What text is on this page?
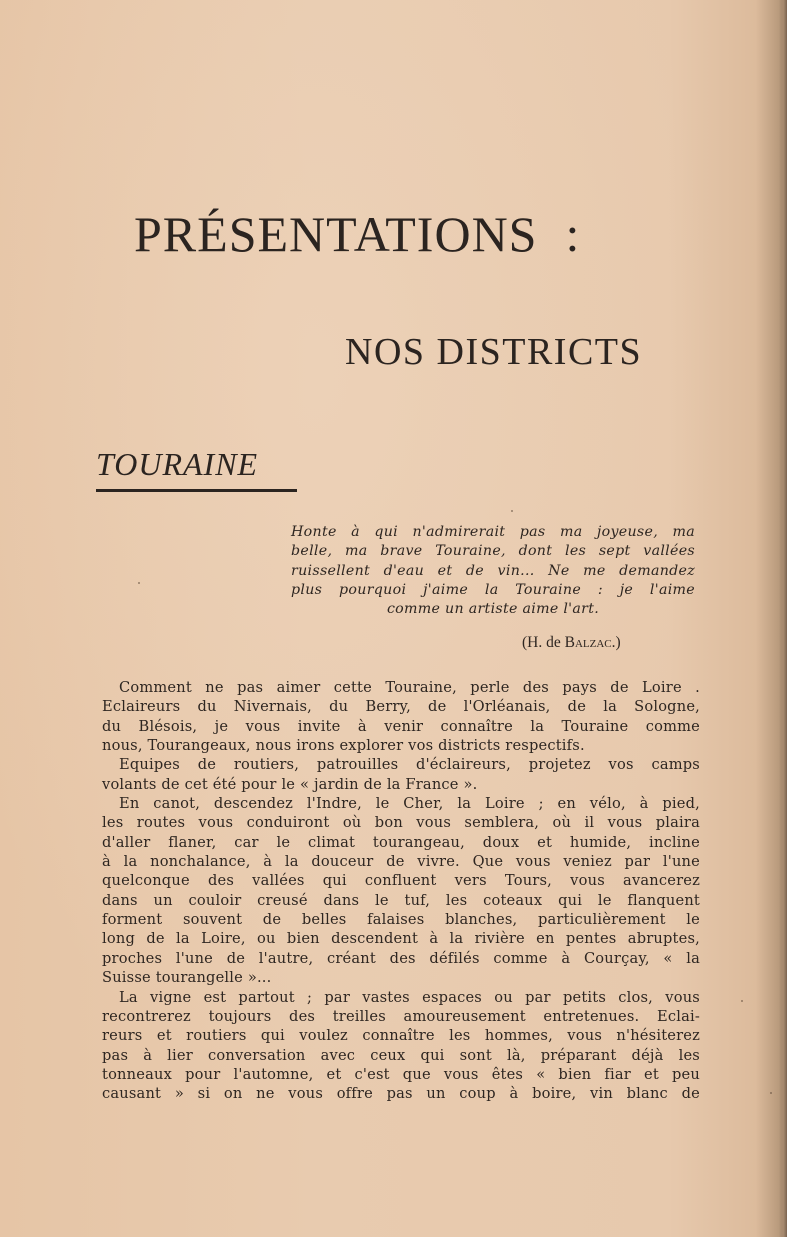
PRÉSENTATIONS :
NOS DISTRICTS
TOURAINE
Honte à qui n'admirerait pas ma joyeuse, ma
belle, ma brave Touraine, dont les sept vallées
ruissellent d'eau et de vin... Ne me demandez
plus pourquoi j'aime la Touraine : je l'aime
comme un artiste aime l'art.
(H. de Balzac.)
Comment ne pas aimer cette Touraine, perle des pays de Loire .
Eclaireurs du Nivernais, du Berry, de l'Orléanais, de la Sologne,
du Blésois, je vous invite à venir connaître la Touraine comme
nous, Tourangeaux, nous irons explorer vos districts respectifs.
Equipes de routiers, patrouilles d'éclaireurs, projetez vos camps
volants de cet été pour le « jardin de la France ».
En canot, descendez l'Indre, le Cher, la Loire ; en vélo, à pied,
les routes vous conduiront où bon vous semblera, où il vous plaira
d'aller flaner, car le climat tourangeau, doux et humide, incline
à la nonchalance, à la douceur de vivre. Que vous veniez par l'une
quelconque des vallées qui confluent vers Tours, vous avancerez
dans un couloir creusé dans le tuf, les coteaux qui le flanquent
forment souvent de belles falaises blanches, particulièrement le
long de la Loire, ou bien descendent à la rivière en pentes abruptes,
proches l'une de l'autre, créant des défilés comme à Courçay, « la
Suisse tourangelle »...
La vigne est partout ; par vastes espaces ou par petits clos, vous
recontrerez toujours des treilles amoureusement entretenues. Eclai-
reurs et routiers qui voulez connaître les hommes, vous n'hésiterez
pas à lier conversation avec ceux qui sont là, préparant déjà les
tonneaux pour l'automne, et c'est que vous êtes « bien fiar et peu
causant » si on ne vous offre pas un coup à boire, vin blanc de
